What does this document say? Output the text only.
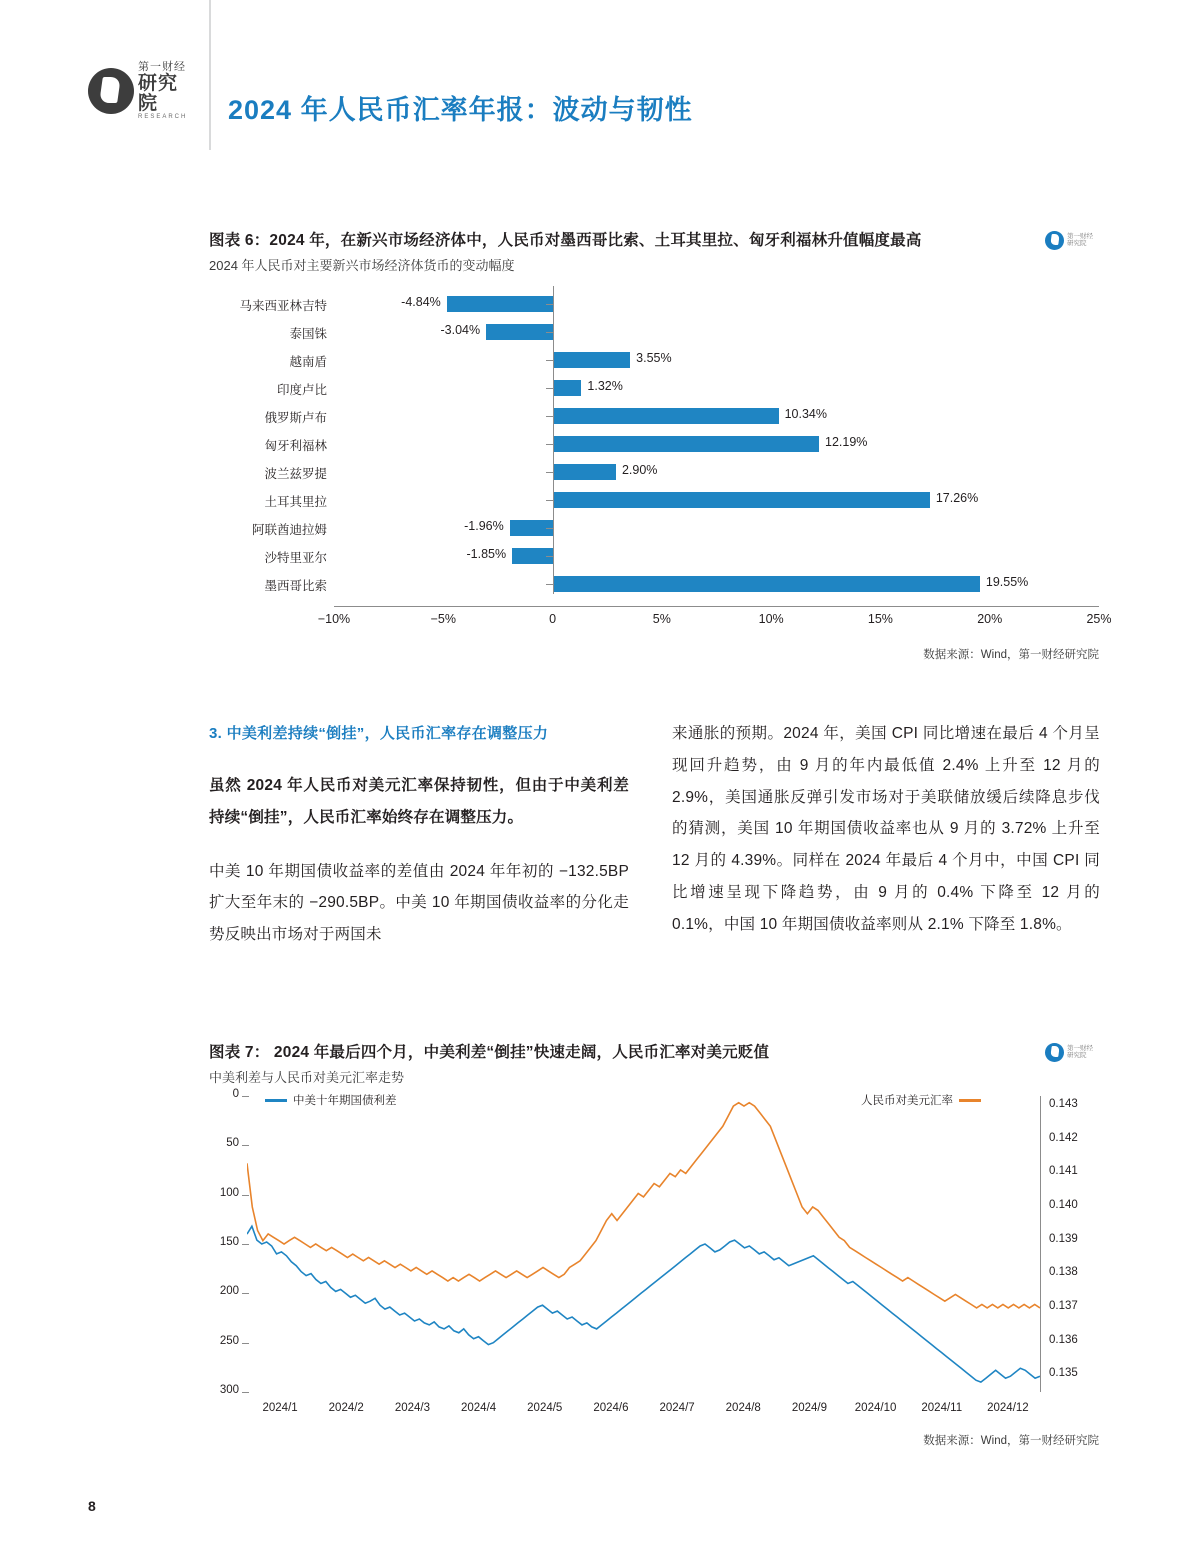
第一财经
研究院
RESEARCH 2024 年人民币汇率年报：波动与韧性
图表 6：2024 年，在新兴市场经济体中，人民币对墨西哥比索、土耳其里拉、匈牙利福林升值幅度最高
2024 年人民币对主要新兴市场经济体货币的变动幅度
第一财经
研究院
-4.84%
-3.04%
3.55%
1.32%
10.34%
12.19%
2.90%
17.26%
-1.96%
-1.85%
19.55%
−10%	−5%	0	5%	10%	15%	20%	25%
马来西亚林吉特
泰国铢
越南盾
印度卢比
俄罗斯卢布
匈牙利福林
波兰兹罗提
土耳其里拉
阿联酋迪拉姆
沙特里亚尔
墨西哥比索
数据来源：Wind，第一财经研究院
3. 中美利差持续“倒挂”，人民币汇率存在调整压力
虽然 2024 年人民币对美元汇率保持韧性，但由于中美利差持续“倒挂”，人民币汇率始终存在调整压力。
中美 10 年期国债收益率的差值由 2024 年年初的 −132.5BP 扩大至年末的 −290.5BP。中美 10 年期国债收益率的分化走势反映出市场对于两国未
来通胀的预期。2024 年，美国 CPI 同比增速在最后 4 个月呈现回升趋势，由 9 月的年内最低值 2.4% 上升至 12 月的 2.9%，美国通胀反弹引发市场对于美联储放缓后续降息步伐的猜测，美国 10 年期国债收益率也从 9 月的 3.72% 上升至 12 月的 4.39%。同样在 2024 年最后 4 个月中，中国 CPI 同比增速呈现下降趋势，由 9 月的 0.4% 下降至 12 月的 0.1%，中国 10 年期国债收益率则从 2.1% 下降至 1.8%。
图表 7： 2024 年最后四个月，中美利差“倒挂”快速走阔，人民币汇率对美元贬值
中美利差与人民币对美元汇率走势
第一财经
研究院
0
50
100
150
200
250
300
0.135
0.136
0.137
0.138
0.139
0.140
0.141
0.142
0.143
2024/1	2024/2	2024/3	2024/4	2024/5	2024/6	2024/7	2024/8	2024/9 2024/10 2024/11 2024/12
中美十年期国债利差	人民币对美元汇率
数据来源：Wind，第一财经研究院
8
